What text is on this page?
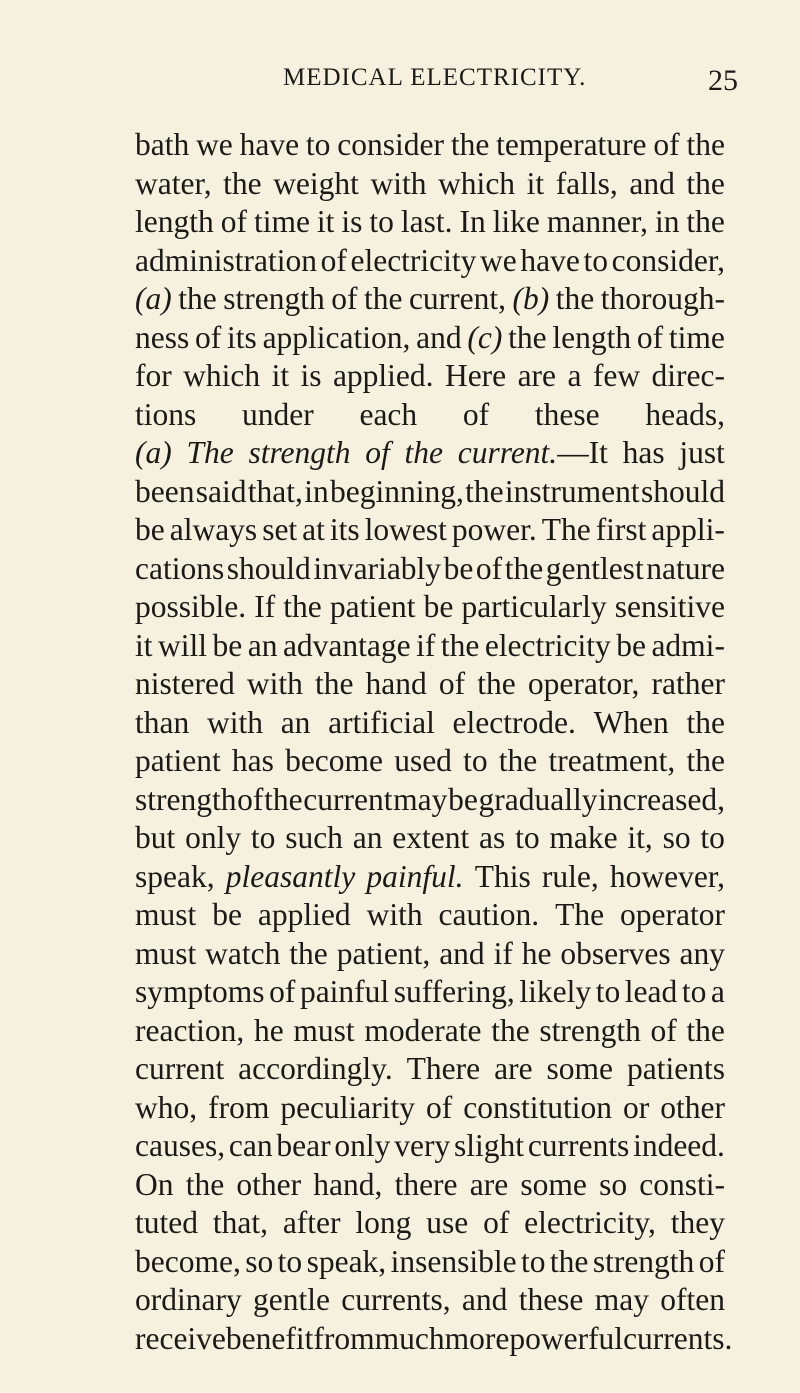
MEDICAL ELECTRICITY.	25
bath we have to consider the temperature of the
water, the weight with which it falls, and the
length of time it is to last. In like manner, in the
administration of electricity we have to consider,
(a) the strength of the current, (b) the thorough-
ness of its application, and (c) the length of time
for which it is applied. Here are a few direc-
tions under each of these heads,
(a) The strength of the current.—It has just
been said that, in beginning, the instrument should
be always set at its lowest power. The first appli-
cations should invariably be of the gentlest nature
possible. If the patient be particularly sensitive
it will be an advantage if the electricity be admi-
nistered with the hand of the operator, rather
than with an artificial electrode. When the
patient has become used to the treatment, the
strength of the current may be gradually increased,
but only to such an extent as to make it, so to
speak, pleasantly painful. This rule, however,
must be applied with caution. The operator
must watch the patient, and if he observes any
symptoms of painful suffering, likely to lead to a
reaction, he must moderate the strength of the
current accordingly. There are some patients
who, from peculiarity of constitution or other
causes, can bear only very slight currents indeed.
On the other hand, there are some so consti-
tuted that, after long use of electricity, they
become, so to speak, insensible to the strength of
ordinary gentle currents, and these may often
receive benefit from much more powerful currents.
